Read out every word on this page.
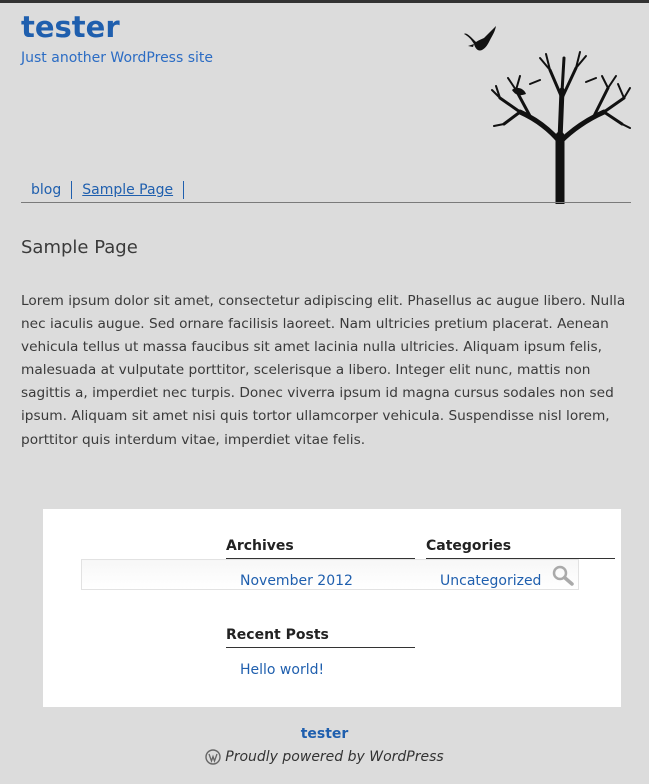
tester
Just another WordPress site
blog	Sample Page
Sample Page

Lorem ipsum dolor sit amet, consectetur adipiscing elit. Phasellus ac augue libero. Nulla nec iaculis augue. Sed ornare facilisis laoreet. Nam ultricies pretium placerat. Aenean vehicula tellus ut massa faucibus sit amet lacinia nulla ultricies. Aliquam ipsum felis, malesuada at vulputate porttitor, scelerisque a libero. Integer elit nunc, mattis non sagittis a, imperdiet nec turpis. Donec viverra ipsum id magna cursus sodales non sed ipsum. Aliquam sit amet nisi quis tortor ullamcorper vehicula. Suspendisse nisl lorem, porttitor quis interdum vitae, imperdiet vitae felis.

Archives
November 2012
Categories
Uncategorized
Recent Posts
Hello world!
tester
Proudly powered by WordPress
